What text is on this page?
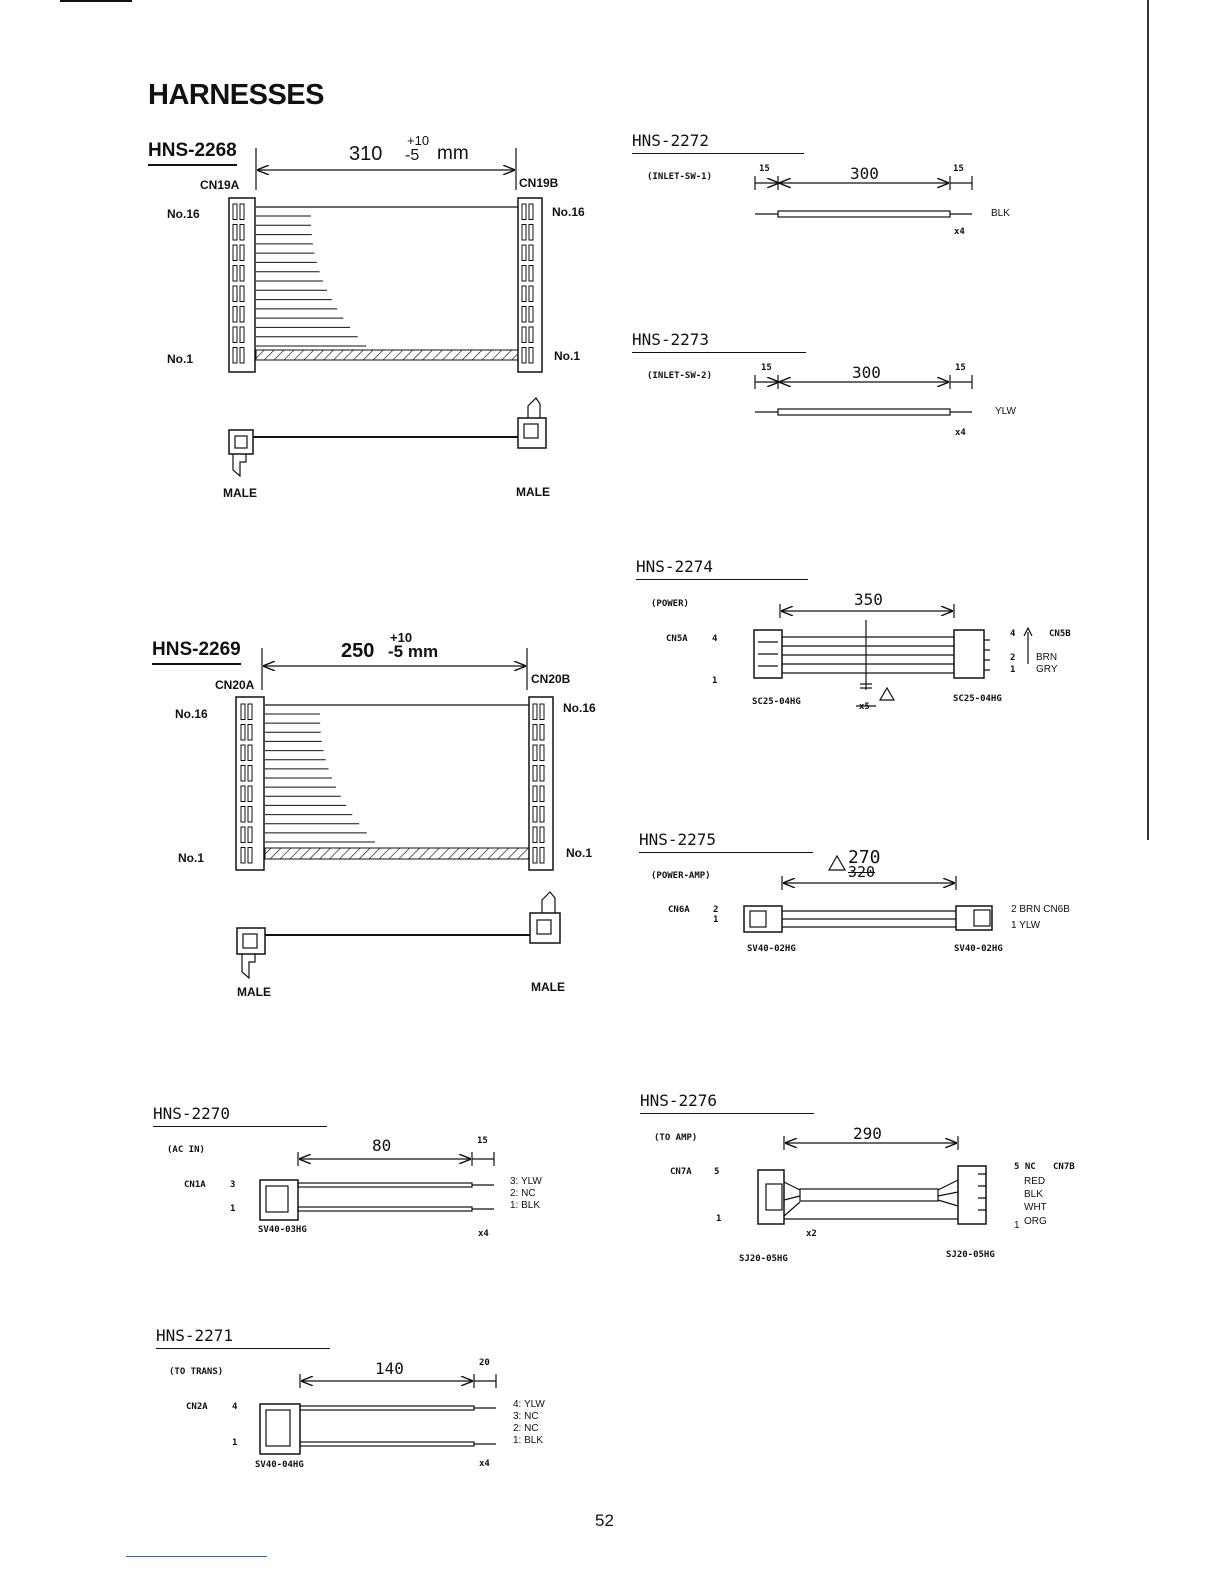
HARNESSES
HNS-2268	310
+10
-5 mm
CN19A	CN19B
No.16
No.1
No.16
No.1
MALE	MALE
HNS-2269	250
+10
-5 mm
CN20A	CN20B
No.16
No.1
No.16
No.1
MALE	MALE
HNS-2272
(INLET-SW-1)
15	300	15
BLK
x4
HNS-2273
(INLET-SW-2)
15	300	15
YLW
x4
HNS-2274
(POWER)	350
CN5A	4
1
4	CN5B
2
1
BRN
GRY
SC25-04HG	SC25-04HG
x5
HNS-2275
(POWER-AMP)
270
320
CN6A	2
1
2 BRN CN6B
1 YLW
SV40-02HG	SV40-02HG
HNS-2276
(TO AMP)	290
CN7A 5
1
5 NC CN7B
RED
BLK
WHT
1 ORG
x2
SJ20-05HG	SJ20-05HG
HNS-2270
(AC IN)	80	15
CN1A	3
1
3: YLW
2: NC
1: BLK
SV40-03HG	x4
HNS-2271
(TO TRANS)	140	20
CN2A	4
1
4: YLW
3: NC
2: NC
1: BLK
SV40-04HG	x4
52
